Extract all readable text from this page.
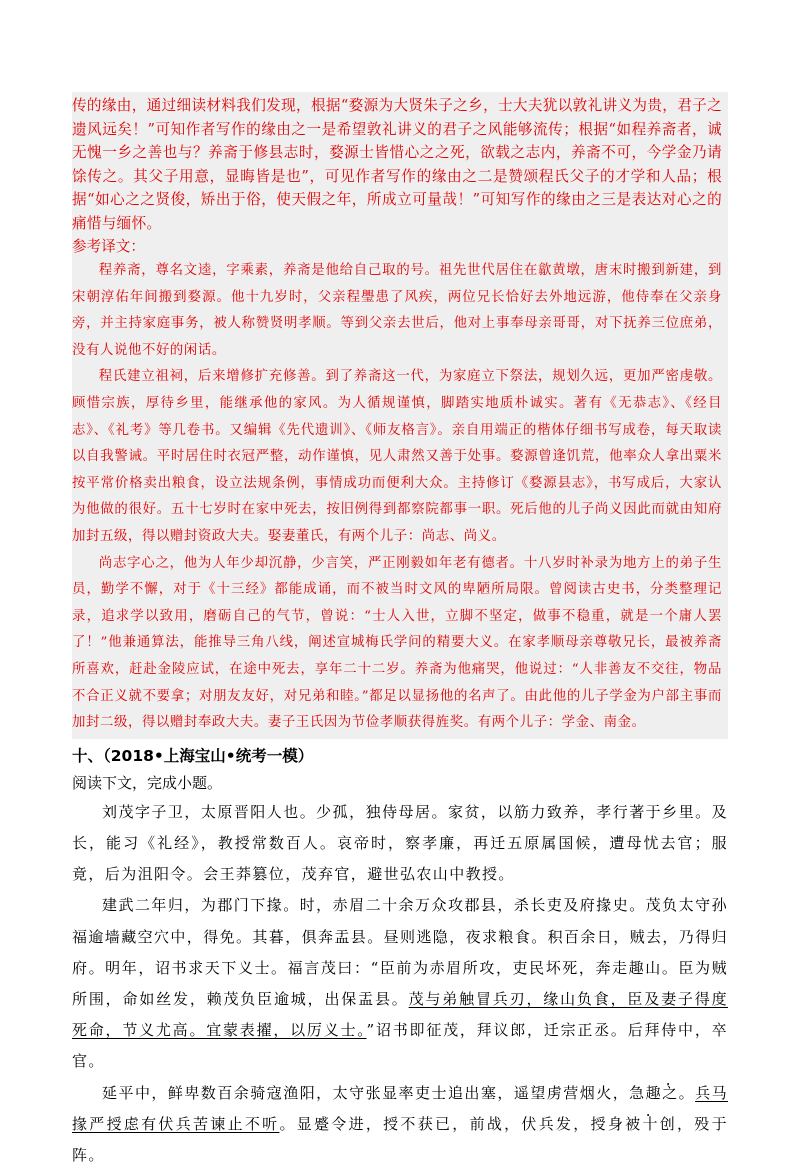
传的缘由，通过细读材料我们发现，根据“婺源为大贤朱子之乡，士大夫犹以敦礼讲义为贵，君子之遗风远矣！”可知作者写作的缘由之一是希望敦礼讲义的君子之风能够流传；根据“如程养斋者，诚无愧一乡之善也与？养斋于修县志时，婺源士皆惜心之之死，欲载之志内，养斋不可，今学金乃请馀传之。其父子用意，显晦皆是也”，可见作者写作的缘由之二是赞颂程氏父子的才学和人品；根据“如心之之贤俊，矫出于俗，使天假之年，所成立可量哉！”可知写作的缘由之三是表达对心之的痛惜与缅怀。

参考译文：

程养斋，尊名文逵，字乘素，养斋是他给自己取的号。祖先世代居住在歙黄墩，唐末时搬到新建，到宋朝淳佑年间搬到婺源。他十九岁时，父亲程璺患了风疾，两位兄长恰好去外地远游，他侍奉在父亲身旁，并主持家庭事务，被人称赞贤明孝顺。等到父亲去世后，他对上事奉母亲哥哥，对下抚养三位庶弟，没有人说他不好的闲话。

程氏建立祖祠，后来增修扩充修善。到了养斋这一代，为家庭立下祭法，规划久远，更加严密虔敬。顾惜宗族，厚待乡里，能继承他的家风。为人循规谨慎，脚踏实地质朴诚实。著有《无恭志》、《经目志》、《礼考》等几卷书。又编辑《先代遗训》、《师友格言》。亲自用端正的楷体仔细书写成卷，每天取读以自我警诫。平时居住时衣冠严整，动作谨慎，见人肃然又善于处事。婺源曾逢饥荒，他率众人拿出粟米按平常价格卖出粮食，设立法规条例，事情成功而便利大众。主持修订《婺源县志》，书写成后，大家认为他做的很好。五十七岁时在家中死去，按旧例得到都察院都事一职。死后他的儿子尚义因此而就由知府加封五级，得以赠封资政大夫。娶妻董氏，有两个儿子：尚志、尚义。

尚志字心之，他为人年少却沉静，少言笑，严正刚毅如年老有德者。十八岁时补录为地方上的弟子生员，勤学不懈，对于《十三经》都能成诵，而不被当时文风的卑陋所局限。曾阅读古史书，分类整理记录，追求学以致用，磨砺自己的气节，曾说：“士人入世，立脚不坚定，做事不稳重，就是一个庸人罢了！”他兼通算法，能推导三角八线，阐述宣城梅氏学问的精要大义。在家孝顺母亲尊敬兄长，最被养斋所喜欢，赶赴金陵应试，在途中死去，享年二十二岁。养斋为他痛哭，他说过：“人非善友不交往，物品不合正义就不要拿；对朋友友好，对兄弟和睦。”都足以显扬他的名声了。由此他的儿子学金为户部主事而加封二级，得以赠封奉政大夫。妻子王氏因为节俭孝顺获得旌奖。有两个儿子：学金、南金。

十、（2018•上海宝山•统考一模）

阅读下文，完成小题。

刘茂字子卫，太原晋阳人也。少孤，独侍母居。家贫，以筋力致养，孝行著于乡里。及长，能习《礼经》，教授常数百人。哀帝时，察孝廉，再迁五原属国候，遭母忧去官；服竟，后为沮阳令。会王莽篡位，茂弃官，避世弘农山中教授。

建武二年归，为郡门下掾。时，赤眉二十余万众攻郡县，杀长吏及府掾史。茂负太守孙福逾墙藏空穴中，得免。其暮，俱奔盂县。昼则逃隐，夜求粮食。积百余日，贼去，乃得归府。明年，诏书求天下义士。福言茂曰：“臣前为赤眉所攻，吏民坏死，奔走趣山。臣为贼所围，命如丝发，赖茂负臣逾城，出保盂县。茂与弟触冒兵刃，缘山负食，臣及妻子得度死命，节义尤高。宜蒙表擢，以厉义士。”诏书即征茂，拜议郎，迁宗正丞。后拜侍中，卒官。

延平中，鲜卑数百余骑寇渔阳，太守张显率吏士追出塞，遥望虏营烟火，急趣之。兵马掾严授虑有伏兵苦谏止不听。显蹙令进，授不获已，前战，伏兵发，授身被十创，殁于阵。
